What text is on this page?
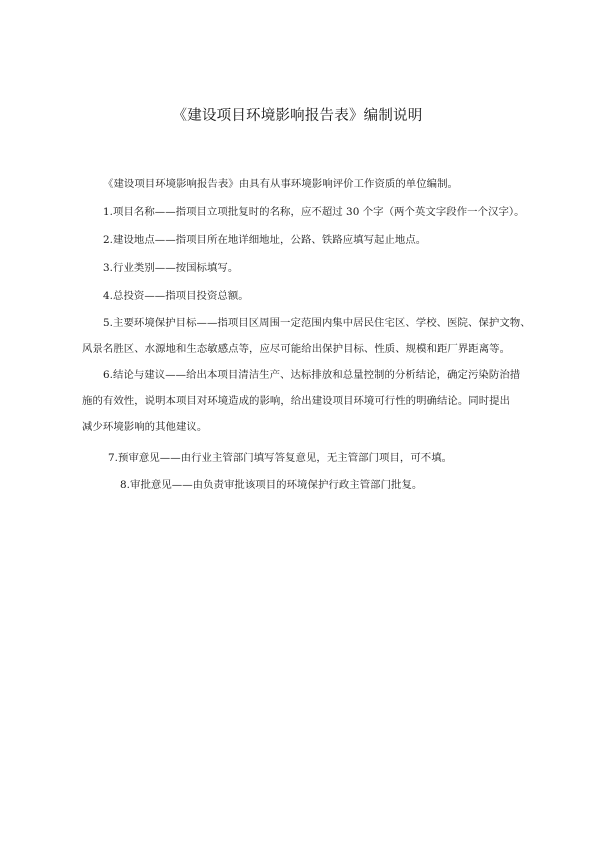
《建设项目环境影响报告表》编制说明
《建设项目环境影响报告表》由具有从事环境影响评价工作资质的单位编制。
1.项目名称——指项目立项批复时的名称，应不超过 30 个字（两个英文字段作一个汉字）。
2.建设地点——指项目所在地详细地址，公路、铁路应填写起止地点。
3.行业类别——按国标填写。
4.总投资——指项目投资总额。
5.主要环境保护目标——指项目区周围一定范围内集中居民住宅区、学校、医院、保护文物、
风景名胜区、水源地和生态敏感点等，应尽可能给出保护目标、性质、规模和距厂界距离等。
6.结论与建议——给出本项目清洁生产、达标排放和总量控制的分析结论，确定污染防治措
施的有效性，说明本项目对环境造成的影响，给出建设项目环境可行性的明确结论。同时提出
减少环境影响的其他建议。
7.预审意见——由行业主管部门填写答复意见，无主管部门项目，可不填。
8.审批意见——由负责审批该项目的环境保护行政主管部门批复。
